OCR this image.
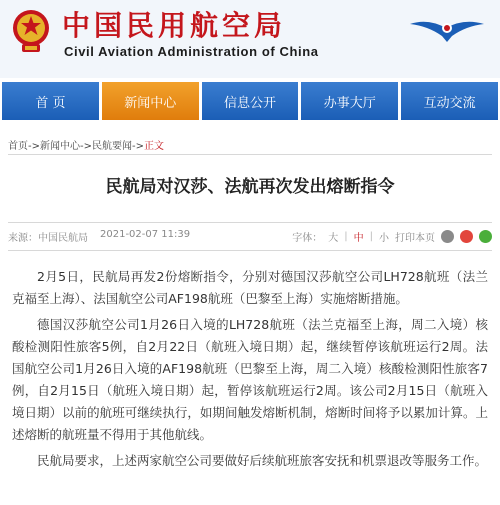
中国民用航空局
Civil Aviation Administration of China
首 页	新闻中心	信息公开	办事大厅	互动交流
首页->新闻中心->民航要闻->正文
民航局对汉莎、法航再次发出熔断指令
来源：中国民航局 2021-02-07 11:39	字体： 大 | 中 | 小 打印本页

2月5日，民航局再发2份熔断指令，分别对德国汉莎航空公司LH728航班（法兰克福至上海）、法国航空公司AF198航班（巴黎至上海）实施熔断措施。

德国汉莎航空公司1月26日入境的LH728航班（法兰克福至上海，周二入境）核酸检测阳性旅客5例，自2月22日（航班入境日期）起，继续暂停该航班运行2周。法国航空公司1月26日入境的AF198航班（巴黎至上海，周二入境）核酸检测阳性旅客7例，自2月15日（航班入境日期）起，暂停该航班运行2周。该公司2月15日（航班入境日期）以前的航班可继续执行，如期间触发熔断机制，熔断时间将予以累加计算。上述熔断的航班量不得用于其他航线。

民航局要求，上述两家航空公司要做好后续航班旅客安抚和机票退改等服务工作。
